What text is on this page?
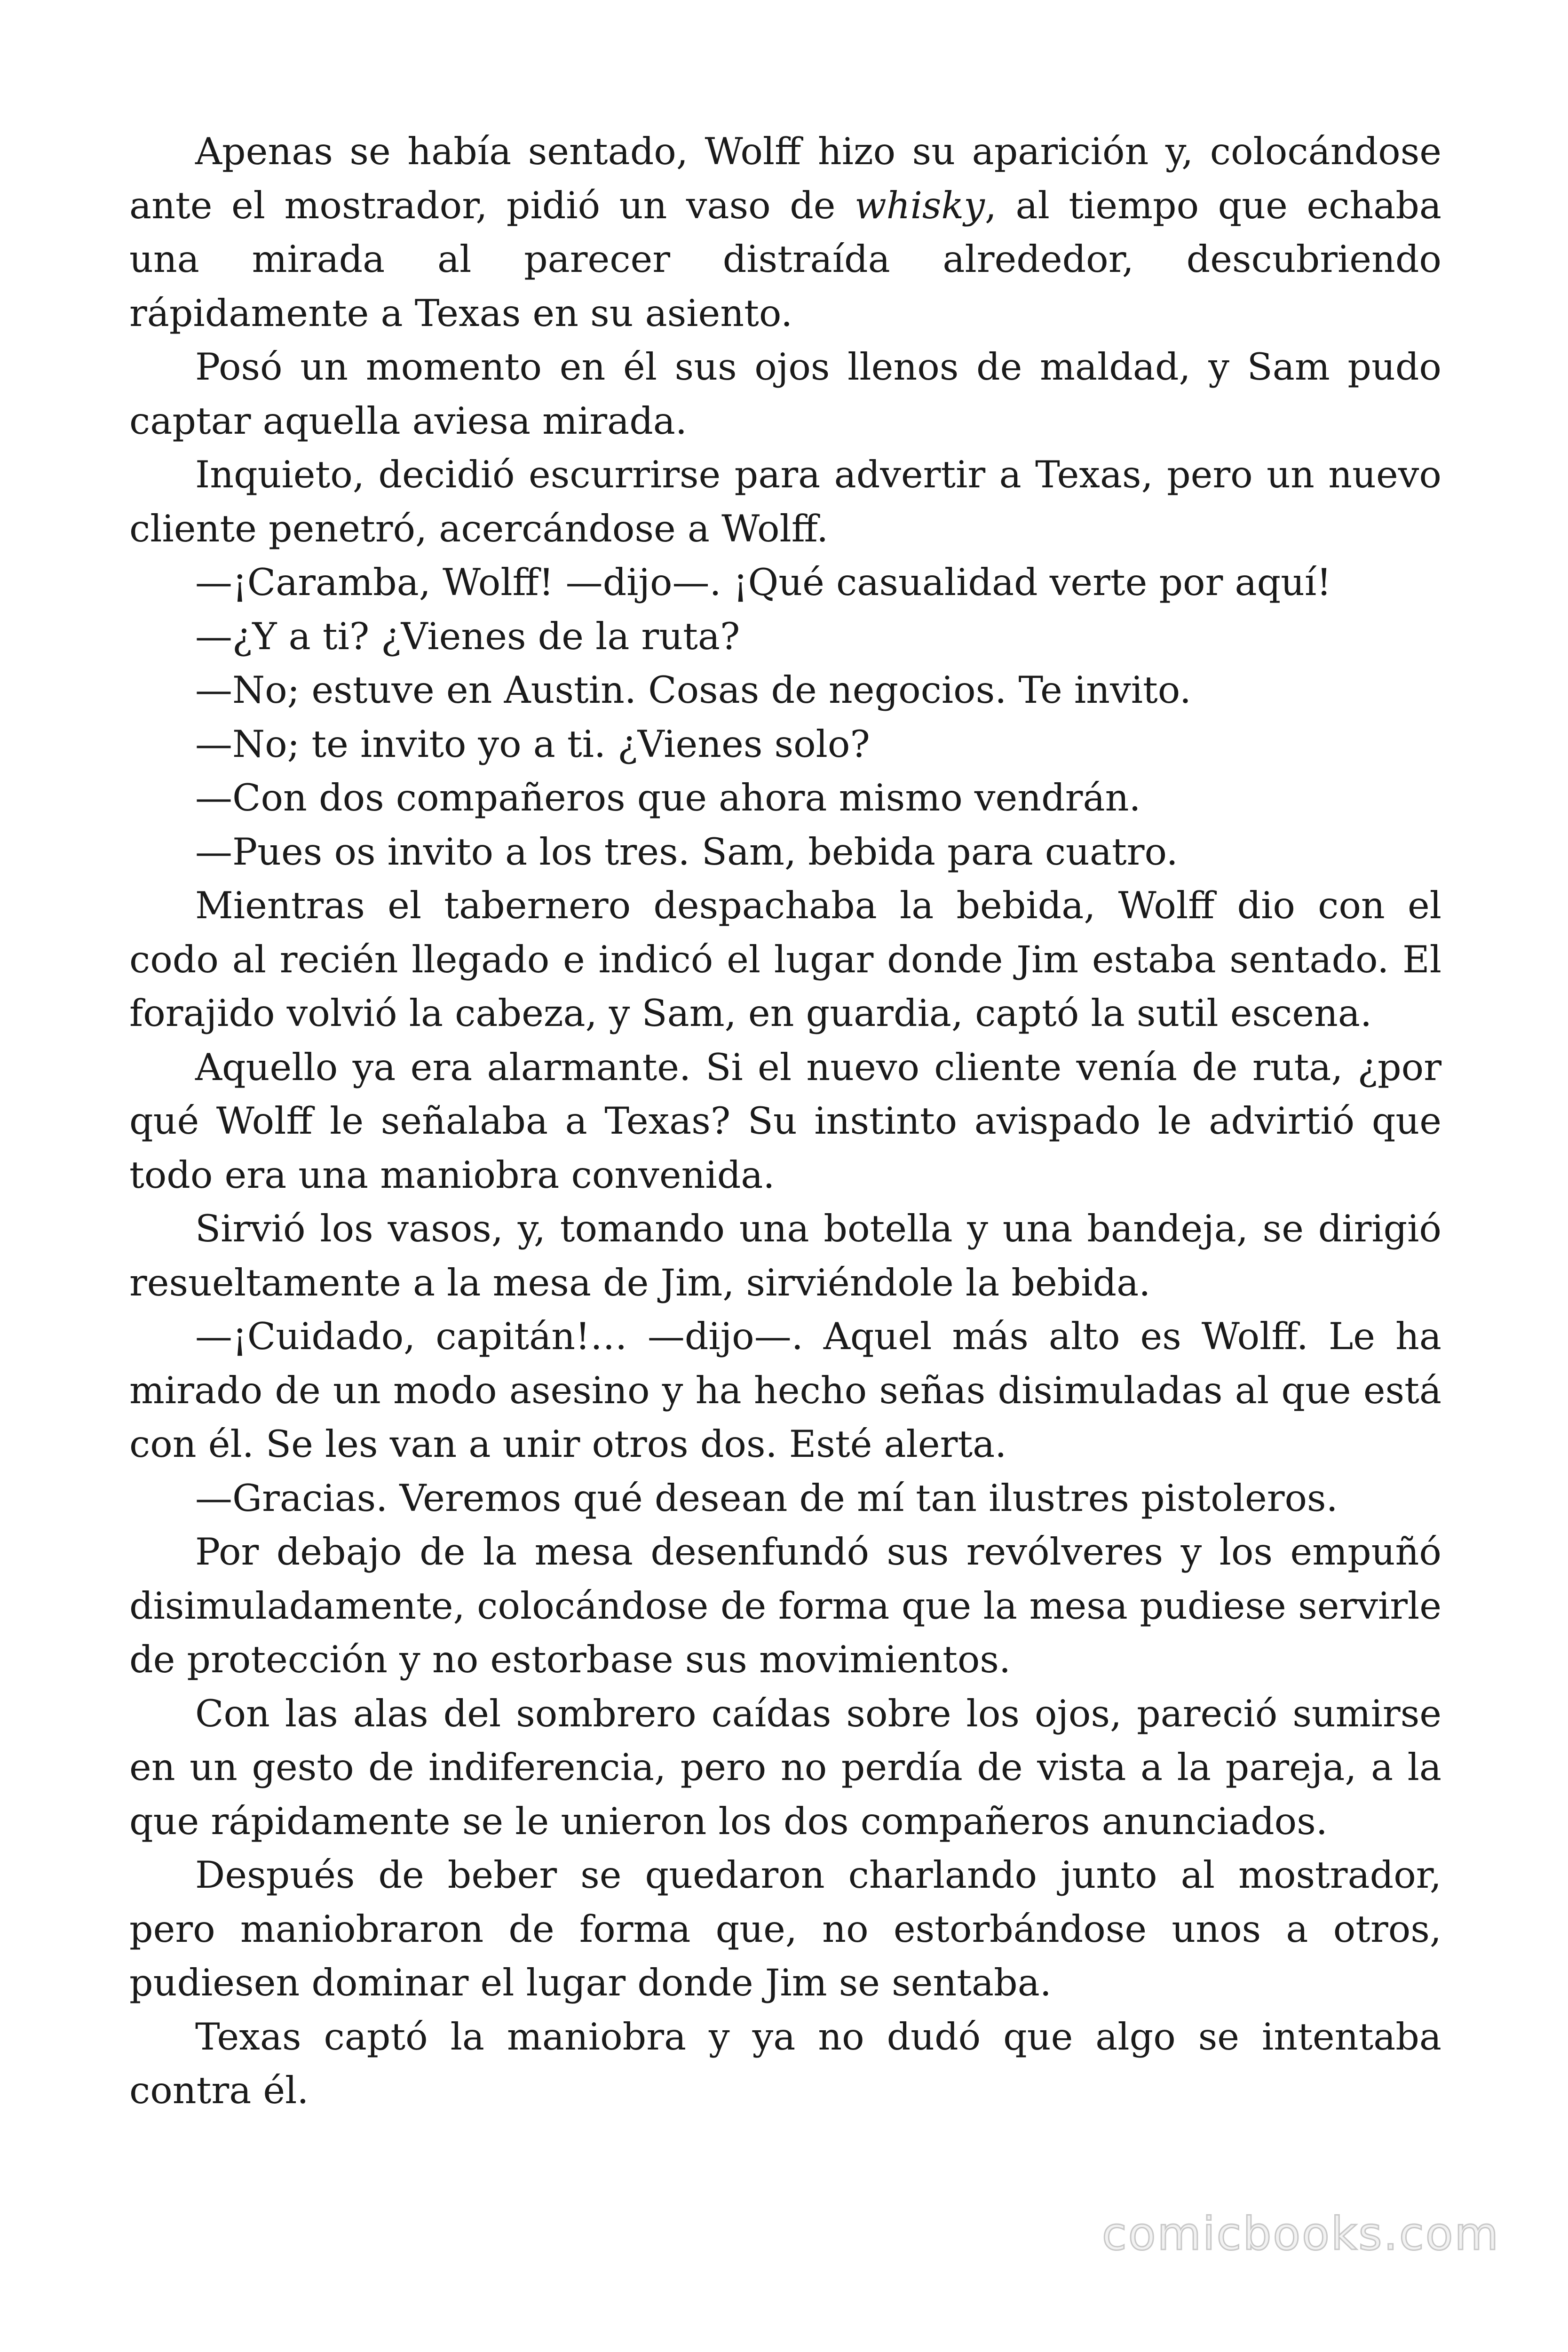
Apenas se había sentado, Wolff hizo su aparición y, colocándose ante el mostrador, pidió un vaso de whisky, al tiempo que echaba una mirada al parecer distraída alrededor, descubriendo rápidamente a Texas en su asiento.

Posó un momento en él sus ojos llenos de maldad, y Sam pudo captar aquella aviesa mirada.

Inquieto, decidió escurrirse para advertir a Texas, pero un nuevo cliente penetró, acercándose a Wolff.

—¡Caramba, Wolff! —dijo—. ¡Qué casualidad verte por aquí!

—¿Y a ti? ¿Vienes de la ruta?

—No; estuve en Austin. Cosas de negocios. Te invito.

—No; te invito yo a ti. ¿Vienes solo?

—Con dos compañeros que ahora mismo vendrán.

—Pues os invito a los tres. Sam, bebida para cuatro.

Mientras el tabernero despachaba la bebida, Wolff dio con el codo al recién llegado e indicó el lugar donde Jim estaba sentado. El forajido volvió la cabeza, y Sam, en guardia, captó la sutil escena.

Aquello ya era alarmante. Si el nuevo cliente venía de ruta, ¿por qué Wolff le señalaba a Texas? Su instinto avispado le advirtió que todo era una maniobra convenida.

Sirvió los vasos, y, tomando una botella y una bandeja, se dirigió resueltamente a la mesa de Jim, sirviéndole la bebida.

—¡Cuidado, capitán!… —dijo—. Aquel más alto es Wolff. Le ha mirado de un modo asesino y ha hecho señas disimuladas al que está con él. Se les van a unir otros dos. Esté alerta.

—Gracias. Veremos qué desean de mí tan ilustres pistoleros.

Por debajo de la mesa desenfundó sus revólveres y los empuñó disimuladamente, colocándose de forma que la mesa pudiese servirle de protección y no estorbase sus movimientos.

Con las alas del sombrero caídas sobre los ojos, pareció sumirse en un gesto de indiferencia, pero no perdía de vista a la pareja, a la que rápidamente se le unieron los dos compañeros anunciados.

Después de beber se quedaron charlando junto al mostrador, pero maniobraron de forma que, no estorbándose unos a otros, pudiesen dominar el lugar donde Jim se sentaba.

Texas captó la maniobra y ya no dudó que algo se intentaba contra él.

comicbooks.com
